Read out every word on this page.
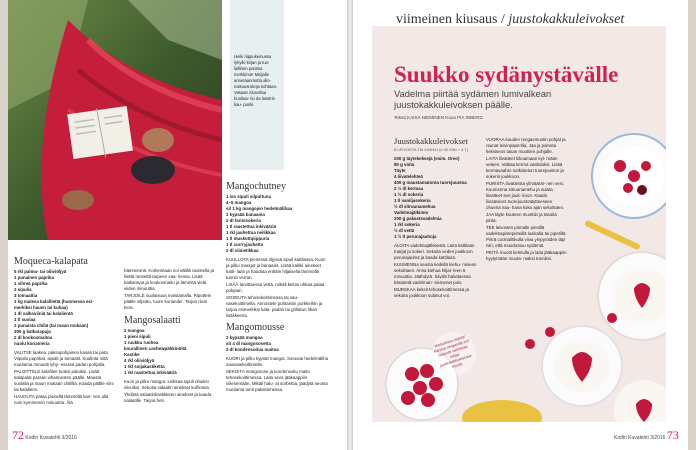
Heiki riippukeinussa lyhyiki kirjan ja tuo- laillisen parissa merkkimer Meijalle annetaanmutta allo- naisuusrukoja kohtaan. Vasaan Alunellaa huoltaa- tio da lasstrin kau- punki.
Mangochutney
1 iso sipuli silputtuna
4–5 mangoa
sit 1 kg mangojen hedelmälihaa
2 kypsää banaania
2 dl farinisokeria
1 tl raastettua inkivääriä
1 rkl jauhettua neilikkaa
1 tl muskottipippuria
1 tl currryjauhetta
2 dl viinietikkaa

KUULLOTA pienessä öljyssä sipuli kattilassa. Kuori ja pilko mangot ja banaanit. Lisää kaikki ainekset katti- laan ja hauduta erittäin hiljaisella lämmöllä tunnin verran.

LISÄÄ tarvittaessa vettä, mikäli keitos uhkaa palaa pohjaan.

SOSEUTA tehosekoittimessa tai sau- vasekoittimella. Annostele puhtaisiin purkkeihin ja tarjoa esimerkiksi kala- padan tai grillatun lihan lisäkkeena.

Mangomousse
2 kypsää mangoa
sit 4 dl mangososetta
3 dl kondensoitua maitoa

KUORI ja pilko kypsät mangot. Soseuta hedelmäliha sauvasekoittimella.

SEKOITA mangososе ja kondensoitu maito tehosekoittimessa. Laita seos jääkaappiin viilenemään. Mikäli halu- at sorbettia, jäädytä seosta muutama tunti pakastimessa.

Moqueca-kalapata
5 rkl palmu- tai oliiviöljyä
1 punainen paprika
1 vihreä paprika
2 sipulia
3 tomaattia
1 kg malesa kalafilettä (huomessa esi-
merkiksi hauen tai kuhaa)
1 dl valkoviiniä tai kalalientä
1 tl suolaa
2 punaista chiliä (tai maun mukaan)
300 g katkarapuja
2 dl kookosmaitoa
nuolu korianteria

VALITSE laakea, paksupohjainen kasari tai pata. Viipaloi paprikat, sipulit ja tomaatit. Kuullota niitä muutama minuutti lyhy- essssa padan pohjalla.

PALOITTELE kalafilee tuoksi paloiksi. Lisää kalapalat paraan vihannesten päälle. Mausta suolalla ja maun mukaan chillillä. Kaada päälle viini tai kalaliemi.

HAUDUTA pataa pienellä lämmöllä kan- nen alla noin kymmenen minuuttia. Älä

hämmennä. Korkeintaan voi välillä ravistella ja lisätä nestettä tarpeen vaa- tiessa. Lisää katkaravut ja kookosmaito ja lämmitä vielä viiden minuuttia.

TARJOILE suolaisuus maistamalla. Ripottele päälle silputtu, tuore koriander. Tarjoa riisin kera.

Mangosalaatti
2 mangoa
1 pieni sipuli
1 ruukku ruohoa
kourallinen cashewpähkinöitä
Kastike
4 rkl oliiviöljyä
1 rkl soijakastiketta
1 rkl raastettua inkivääriä

Kuori ja pilko mangot. Leikkaa sipuli ohuiksi siivuiksi. Sekoita salaatin ainekset kulhossa.

Yhdistä salaatinkastikkeen ainekset ja kaada salaatille. Tarjoa heti.

72 Kodin Kuvalehti 3/2016
viimeinen kiusaus / juustokakkuleivokset
Suukko sydänystävälle
Vadelma piirtää sydämen lumivalkean juustokakkuleivoksen päälle.
Teksti KAISA NIEMINEN Kuva PIA INBERG
Juustokakkuleivokset
6 LEIVOSTA TAI KAKKU (n 40 MIN + 4 T)
200 g täytekeksejä (esim. Oreo)
80 g voita
Täyte
4 liivatelehteä
400 g maustamatonta tuorejuustoa
2 ½ dl kermaa
1 ½ dl sokeria
1 tl vaniljasokeria
½ dl sitruunamehua
Vadelmajälkimm
200 g pakastevadelmia
1 rkl sokeria
½ dl vettä
1 ½ tl perunajauhoja

ALOITA vadelmajälkkiestä. Laita kattilaan marjat ja sokeri. Sekoita veden joukkoon perunajauhot ja kaada kattilaan.

KUUMENNA seosta liedellä kiehu- miseen sekoittaen. Anna kiehua hiljal- leen 5 minuuttia. Jäähdytä. Siivilöi haluttaessa käsistetä vadelman- siemenet pois.

MURSKAA keksit tehosekoittimessa ja sekoita joukkoon sulanut voi.

VUORAA kuuden rengasmuotin pohjat ja reunat leivinpaperilla, Jaa ja paineta keksiseos tasan muottien pohjalle.

LAITA liivatteet liikoamaan kyl- mään veteen. Vatkaa kerma vaahdoksi. Lisää kermavaahto notkistetun tuorejuuston ja sokerin joukkoon.

PURISTA liivatteista ylimääräi- nen vesi. Kuumenna sitruunamehu ja sulata liivatteet sen jouk- koon. Kaada liivateseos tuorejuustotäytteeseen ohuena nau- hana koko ajan sekoittaen.

JAA täyte kuuteen muottiin ja tasoita pinta.

TEE leivosten pinnalle pienillä vadelmapistepisteillä lusikalla tai pipetillä. Piirrä cocktailtikulla viiva ympyröiden läpi niin, että muodostuu sydämiä.

PEITÄ muotit kelmulla ja laita jääkaappiin hyytymään muuta- maksi tunniksi.

Herkullinen ohjeita! Kanssa rengasillä voit helposti valmistaa nittaa juustokakkuleivosia- muotti.
Kodin Kuvalehti 3/2016 73
